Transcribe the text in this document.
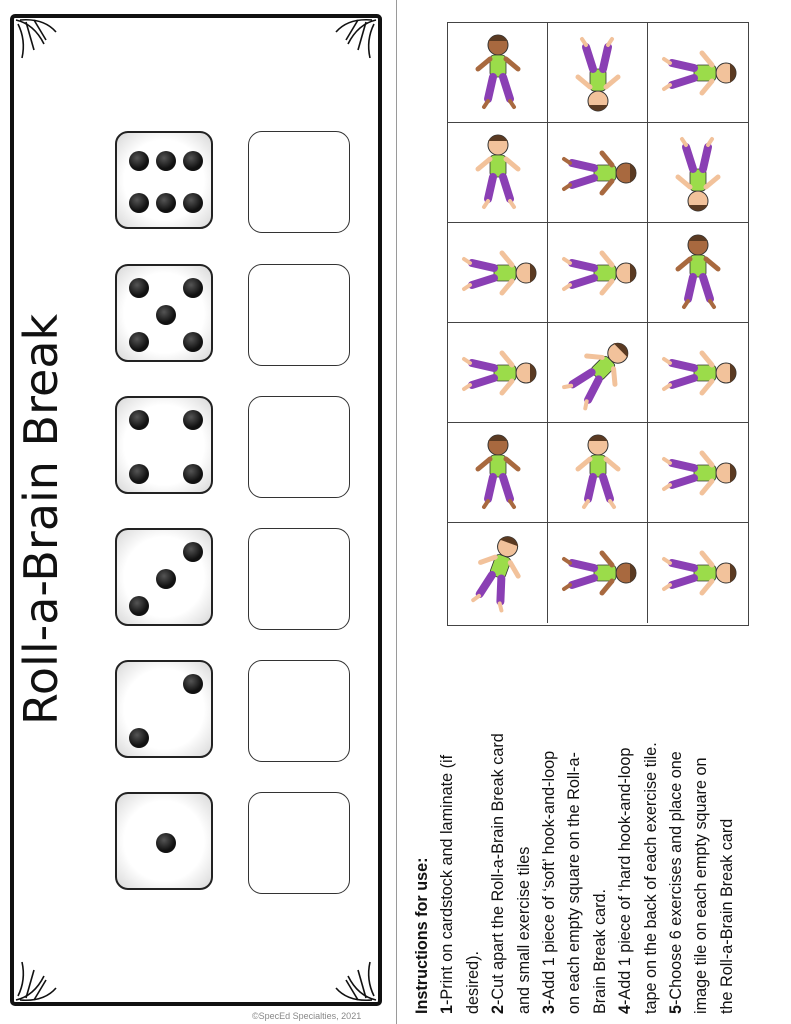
Roll-a-Brain Break
©SpecEd Specialties, 2021
Instructions for use: 1-Print on cardstock and laminate (if desired). 2-Cut apart the Roll-a-Brain Break card and small exercise tiles 3-Add 1 piece of ‘soft’ hook-and-loop on each empty square on the Roll-a- Brain Break card. 4-Add 1 piece of ‘hard hook-and-loop tape on the back of each exercise tile. 5-Choose 6 exercises and place one image tile on each empty square on the Roll-a-Brain Break card
